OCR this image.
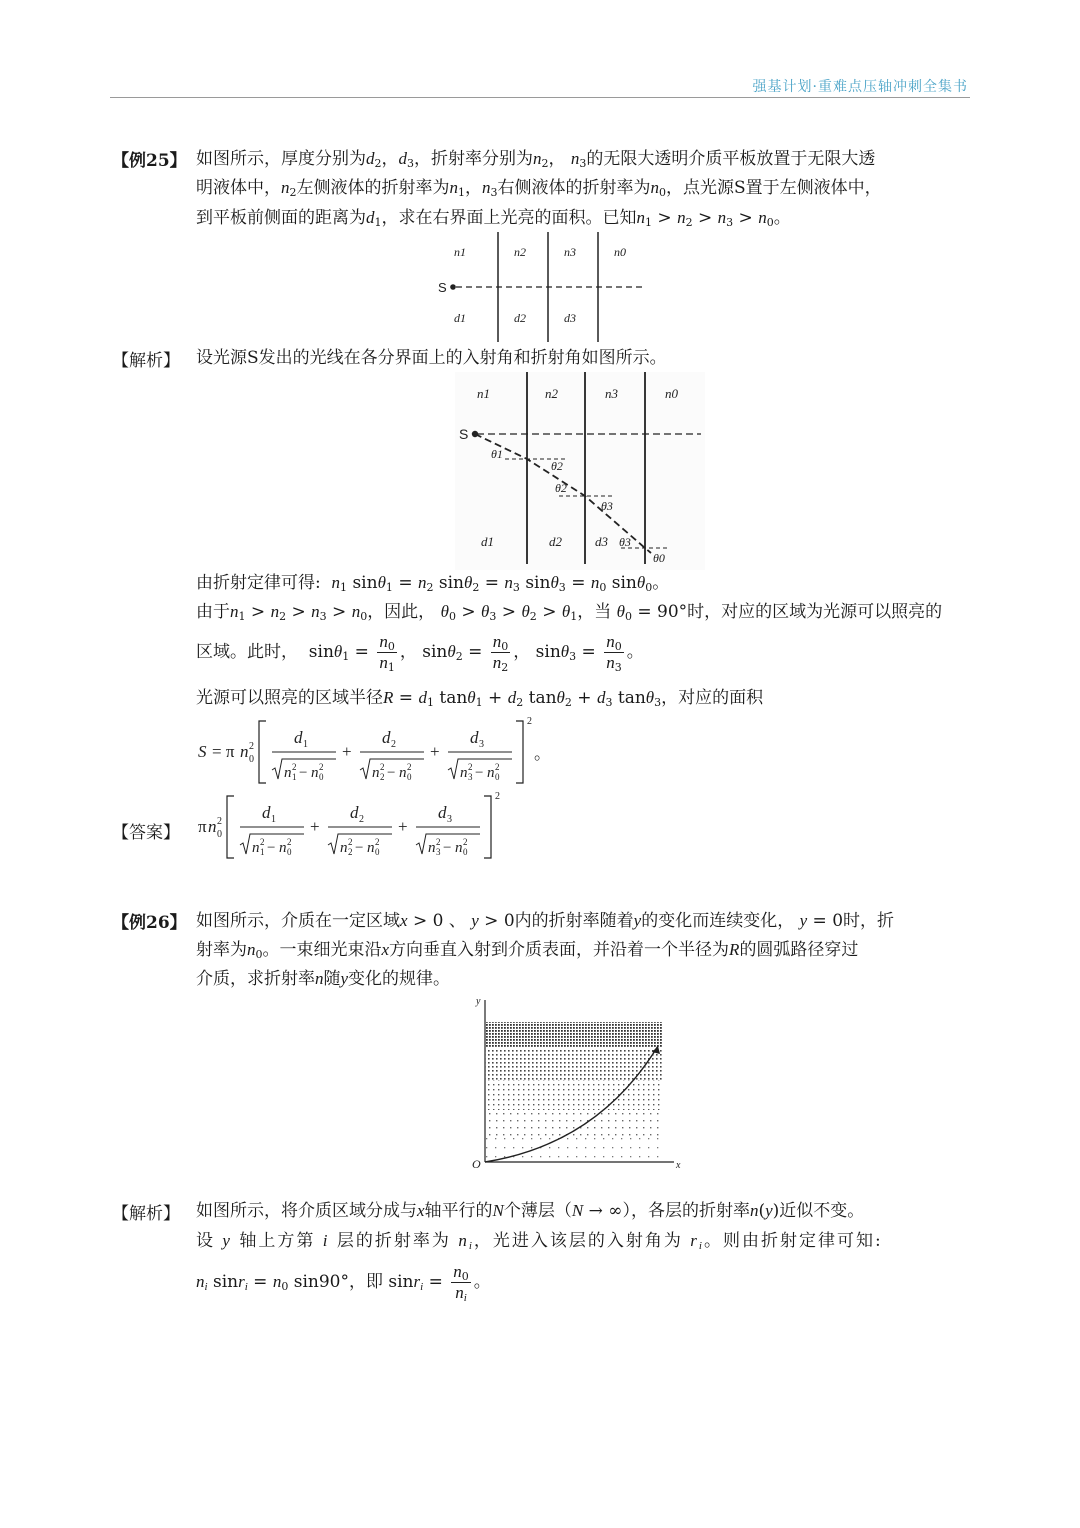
强基计划·重难点压轴冲刺全集书
【例25】 如图所示，厚度分别为$d_2$，$d_3$，折射率分别为$n_2$， $n_3$的无限大透明介质平板放置于无限大透
明液体中，$n_2$左侧液体的折射率为$n_1$，$n_3$右侧液体的折射率为$n_0$，点光源S置于左侧液体中，
到平板前侧面的距离为$d_1$，求在右界面上光亮的面积。已知$n_1 > n_2 > n_3 > n_0$。
n1	n2	n3	n0
d1	d2	d3
S
【解析】 设光源S发出的光线在各分界面上的入射角和折射角如图所示。
n1	n2	n3	n0
θ1
θ2
θ2
θ3
θ3
θ0
d1	d2	d3
S
由折射定律可得: $n_1$ $\sin\theta_1 = n_2$ $\sin\theta_2 = n_3$ $\sin\theta_3 = n_0$ sinθ$_0$。
由于$n_1 > n_2 > n_3 > n_0$，因此， $\theta_0 > \theta_3 > \theta_2 > \theta_1$，当 $\theta_0 = 90^\circ$时，对应的区域为光源可以照亮的
区域。此时，  $\sin\theta_1 = \frac{n_0}{n_1}$ ， $\sin\theta_2 = \frac{n_0}{n_2}$ ， $\sin\theta_3 = \frac{n_0}{n_3}$ 。
光源可以照亮的区域半径$R = d_1$ $\tan\theta_1 + d_2$ $\tan\theta_2 + d_3$ tanθ$_3$，对应的面积
S = π n 2
0
d 1
n 2
1 − n 2
0
+
d 2
n 2
2 − n 2
0
+
d 3
n 2
3 − n 2
0
2
。
【答案】 π n 2
0
d 1
n 2
1 − n 2
0
+
d 2
n 2
2 − n 2
0
+
d 3
n 2
3 − n 2
0
2
【例26】 如图所示，介质在一定区域x > 0 、 y > 0内的折射率随着y的变化而连续变化， y = 0时，折
射率为$n_0$。一束细光束沿x方向垂直入射到介质表面，并沿着一个半径为R的圆弧路径穿过
介质，求折射率n随y变化的规律。
y
O	x
【解析】 如图所示，将介质区域分成与x轴平行的N个薄层（N → ∞），各层的折射率n(y)近似不变。
设 y 轴上方第 i 层的折射率为 $n_i$，光进入该层的入射角为 $r_i$。则由折射定律可知:
$n_i$ $\sin r_i = n_0$ sin90°，即 $\sin r_i = \frac{n_0}{n_i}$ 。
